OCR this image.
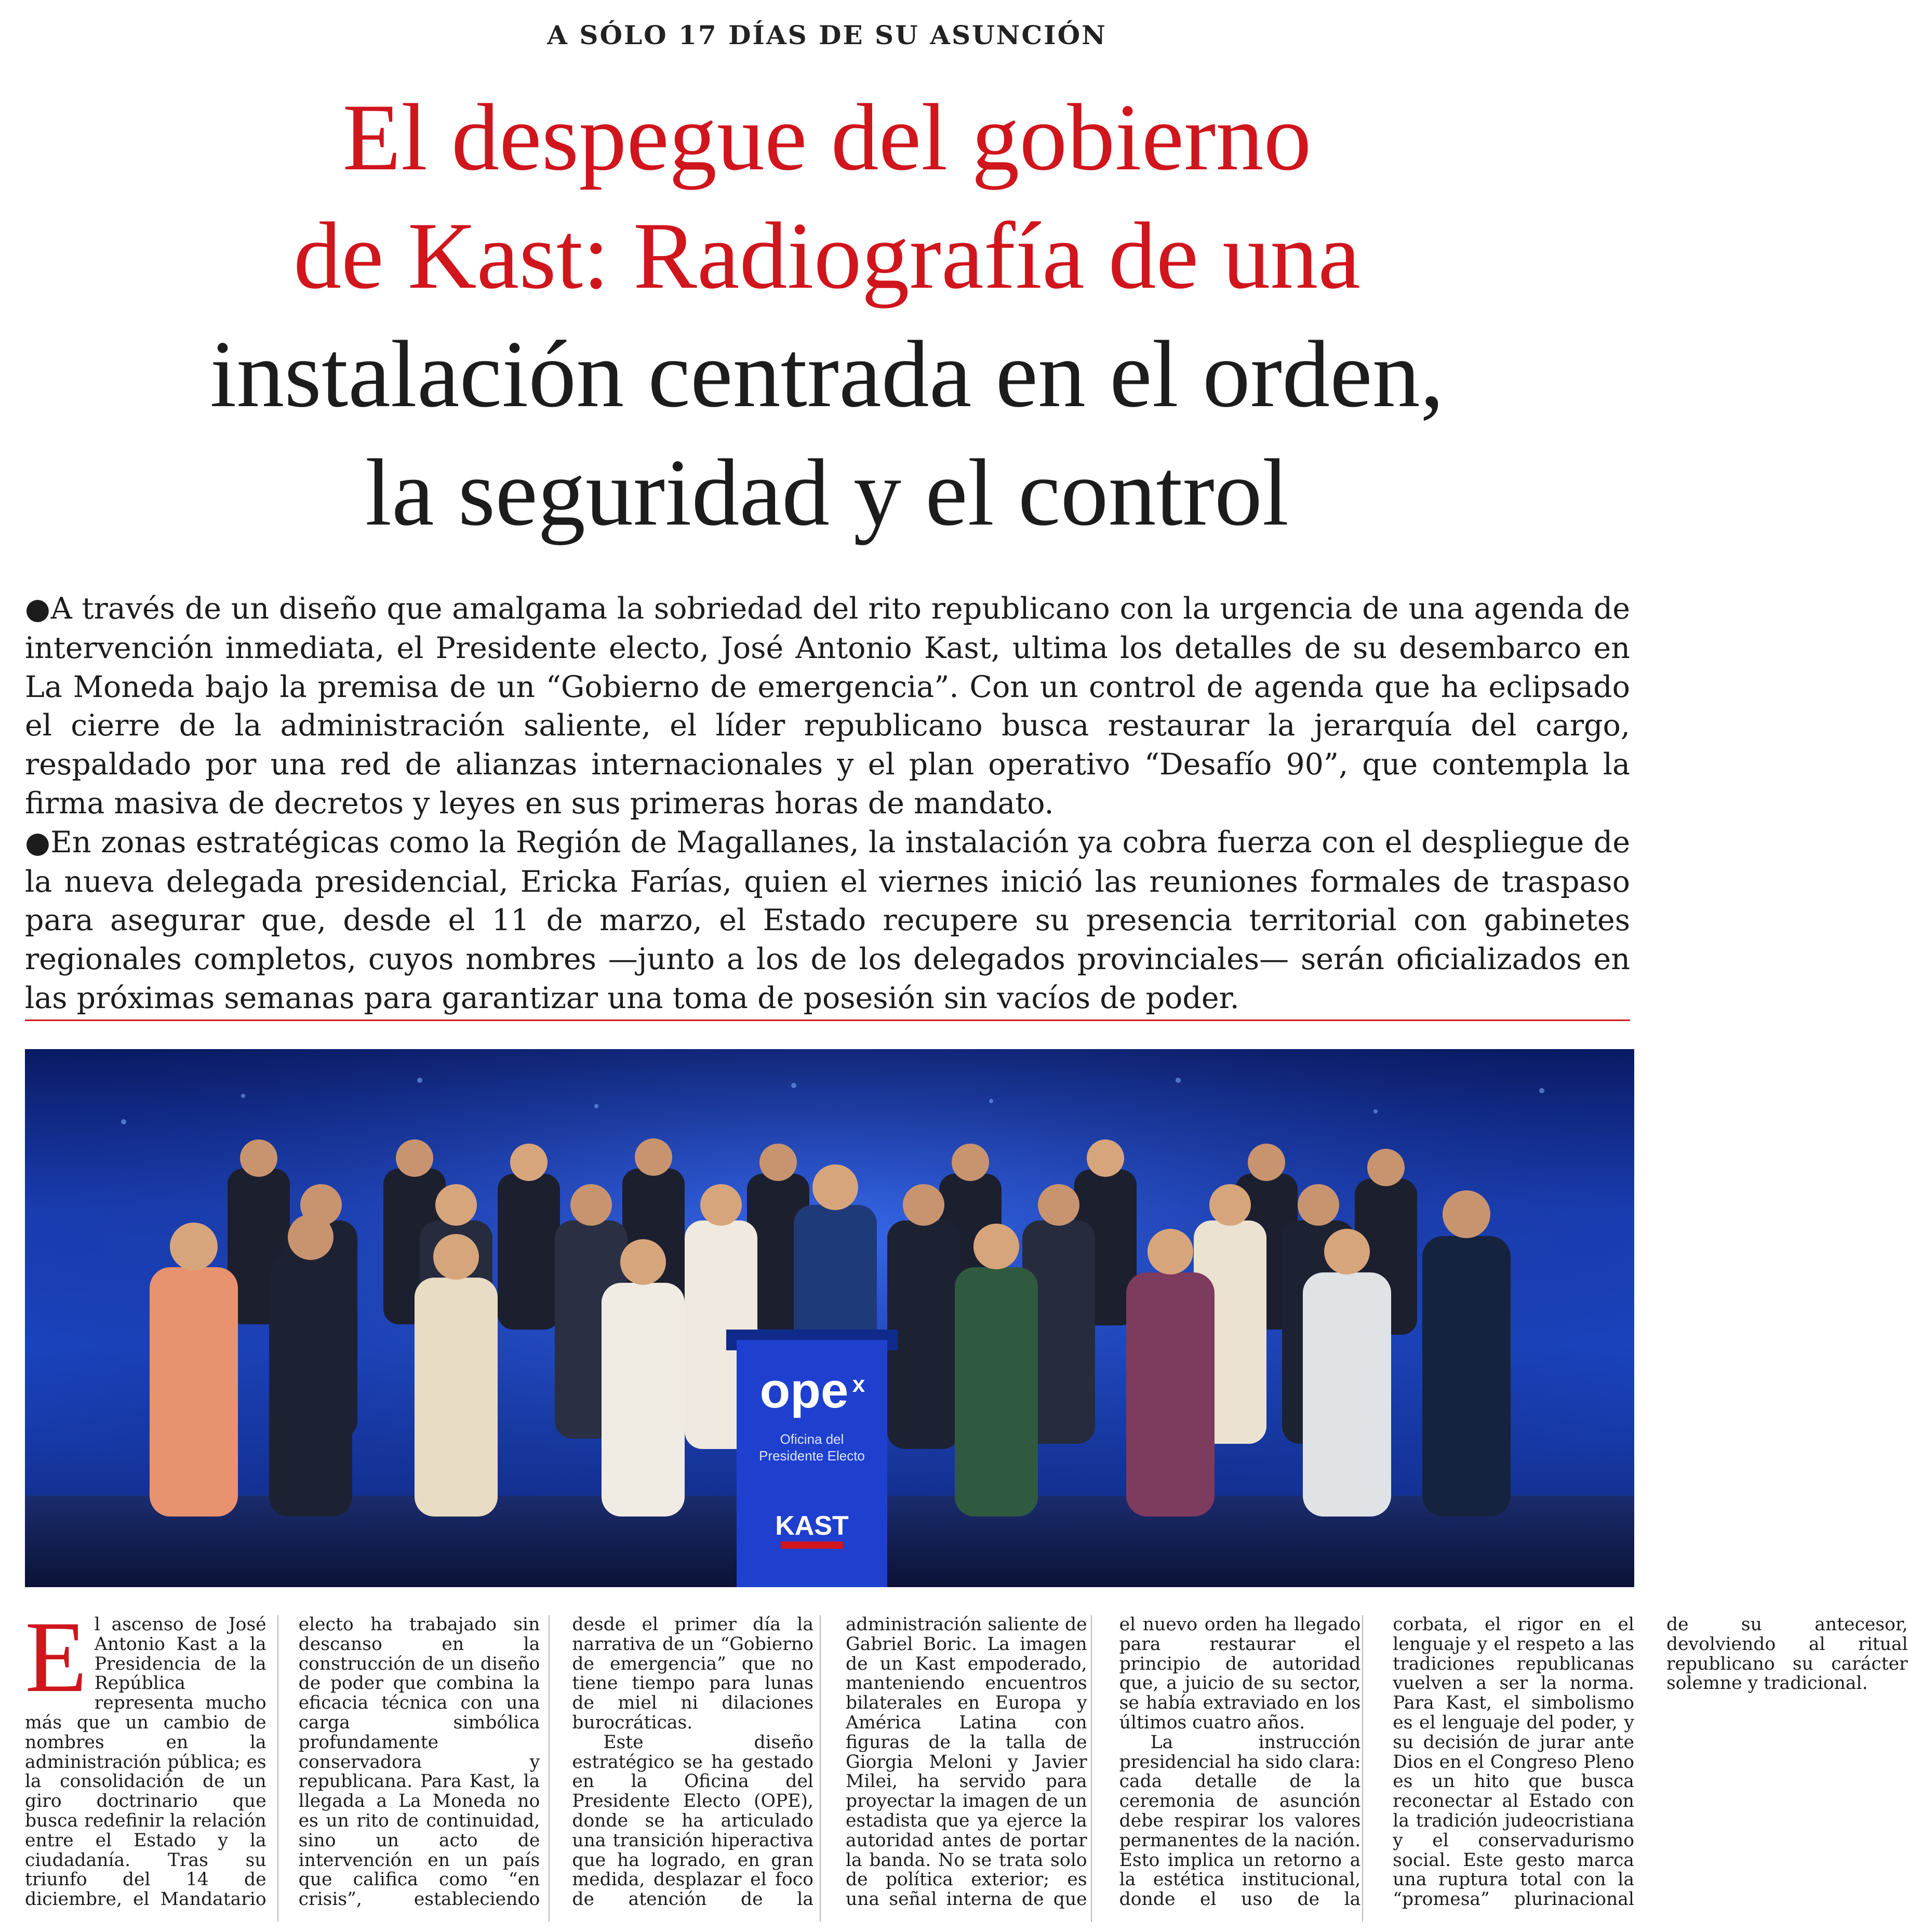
A SÓLO 17 DÍAS DE SU ASUNCIÓN
El despegue del gobierno
de Kast: Radiografía de una
instalación centrada en el orden,
la seguridad y el control

●A través de un diseño que amalgama la sobriedad del rito republicano con la urgencia de una agenda de intervención inmediata, el Presidente electo, José Antonio Kast, ultima los detalles de su desembarco en La Moneda bajo la premisa de un “Gobierno de emergencia”. Con un control de agenda que ha eclipsado el cierre de la administración saliente, el líder republicano busca restaurar la jerarquía del cargo, respaldado por una red de alianzas internacionales y el plan operativo “Desafío 90”, que contempla la firma masiva de decretos y leyes en sus primeras horas de mandato.

●En zonas estratégicas como la Región de Magallanes, la instalación ya cobra fuerza con el despliegue de la nueva delegada presidencial, Ericka Farías, quien el viernes inició las reuniones formales de traspaso para asegurar que, desde el 11 de marzo, el Estado recupere su presencia territorial con gabinetes regionales completos, cuyos nombres —junto a los de los delegados provinciales— serán oficializados en las próximas semanas para garantizar una toma de posesión sin vacíos de poder.

ope x
Oficina del
Presidente Electo
KAST

El ascenso de José Antonio Kast a la Presidencia de la República representa mucho más que un cambio de nombres en la administración pública; es la consolidación de un giro doctrinario que busca redefinir la relación entre el Estado y la ciudadanía. Tras su triunfo del 14 de diciembre, el Mandatario electo ha trabajado sin descanso en la construcción de un diseño de poder que combina la eficacia técnica con una carga simbólica profundamente conservadora y republicana. Para Kast, la llegada a La Moneda no es un rito de continuidad, sino un acto de intervención en un país que califica como “en crisis”, estableciendo desde el primer día la narrativa de un “Gobierno de emergencia” que no tiene tiempo para lunas de miel ni dilaciones burocráticas.

Este diseño estratégico se ha gestado en la Oficina del Presidente Electo (OPE), donde se ha articulado una transición hiperactiva que ha logrado, en gran medida, desplazar el foco de atención de la administración saliente de Gabriel Boric. La imagen de un Kast empoderado, manteniendo encuentros bilaterales en Europa y América Latina con figuras de la talla de Giorgia Meloni y Javier Milei, ha servido para proyectar la imagen de un estadista que ya ejerce la autoridad antes de portar la banda. No se trata solo de política exterior; es una señal interna de que el nuevo orden ha llegado para restaurar el principio de autoridad que, a juicio de su sector, se había extraviado en los últimos cuatro años.

La instrucción presidencial ha sido clara: cada detalle de la ceremonia de asunción debe respirar los valores permanentes de la nación. Esto implica un retorno a la estética institucional, donde el uso de la corbata, el rigor en el lenguaje y el respeto a las tradiciones republicanas vuelven a ser la norma. Para Kast, el simbolismo es el lenguaje del poder, y su decisión de jurar ante Dios en el Congreso Pleno es un hito que busca reconectar al Estado con la tradición judeocristiana y el conservadurismo social. Este gesto marca una ruptura total con la “promesa” plurinacional de su antecesor, devolviendo al ritual republicano su carácter solemne y tradicional.
